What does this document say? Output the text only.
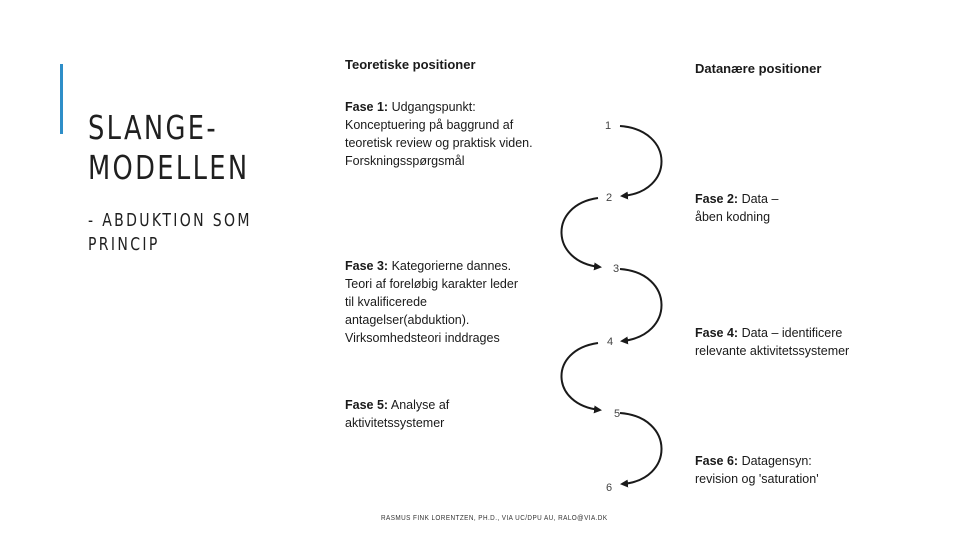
SLANGE-
MODELLEN
- ABDUKTION SOM
PRINCIP
Teoretiske positioner	Datanære positioner
1
2
3
4
5
6
Fase 1: Udgangspunkt:
Konceptuering på baggrund af
teoretisk review og praktisk viden.
Forskningsspørgsmål
Fase 2: Data –
åben kodning
Fase 3: Kategorierne dannes.
Teori af foreløbig karakter leder
til kvalificerede
antagelser(abduktion).
Virksomhedsteori inddrages	Fase 4: Data – identificere
relevante aktivitetssystemer
Fase 5: Analyse af
aktivitetssystemer
Fase 6: Datagensyn:
revision og 'saturation'
RASMUS FINK LORENTZEN, PH.D., VIA UC/DPU AU, RALO@VIA.DK
